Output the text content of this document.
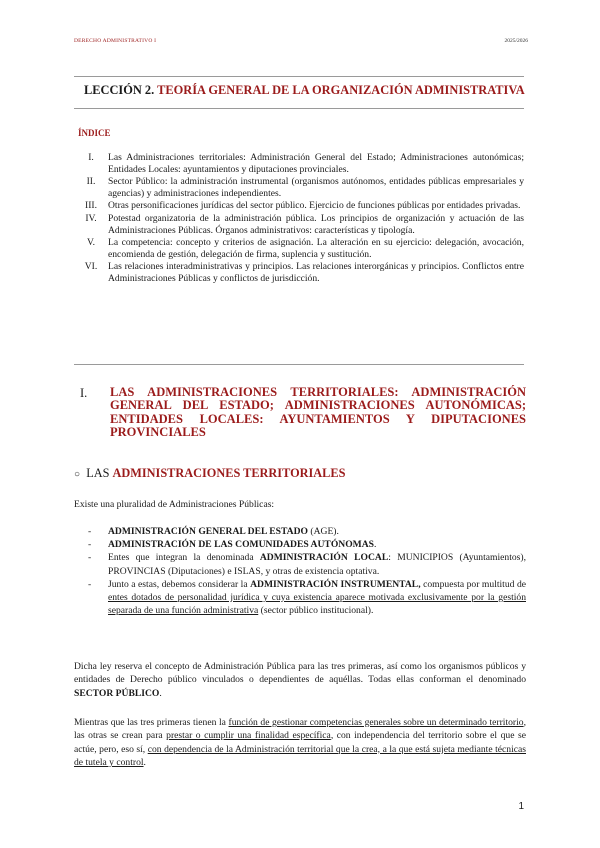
DERECHO ADMINISTRATIVO I	2025/2026
LECCIÓN 2. TEORÍA GENERAL DE LA ORGANIZACIÓN ADMINISTRATIVA
ÍNDICE
I.	Las Administraciones territoriales: Administración General del Estado; Administraciones autonómicas; Entidades Locales: ayuntamientos y diputaciones provinciales.
II.	Sector Público: la administración instrumental (organismos autónomos, entidades públicas empresariales y agencias) y administraciones independientes.
III.	Otras personificaciones jurídicas del sector público. Ejercicio de funciones públicas por entidades privadas.
IV.	Potestad organizatoria de la administración pública. Los principios de organización y actuación de las Administraciones Públicas. Órganos administrativos: características y tipología.
V.	La competencia: concepto y criterios de asignación. La alteración en su ejercicio: delegación, avocación, encomienda de gestión, delegación de firma, suplencia y sustitución.
VI.	Las relaciones interadministrativas y principios. Las relaciones interorgánicas y principios. Conflictos entre Administraciones Públicas y conflictos de jurisdicción.
I. LAS ADMINISTRACIONES TERRITORIALES: ADMINISTRACIÓN
GENERAL DEL ESTADO; ADMINISTRACIONES AUTONÓMICAS;
ENTIDADES LOCALES: AYUNTAMIENTOS Y DIPUTACIONES
PROVINCIALES
○ LAS ADMINISTRACIONES TERRITORIALES
Existe una pluralidad de Administraciones Públicas:
-	ADMINISTRACIÓN GENERAL DEL ESTADO (AGE).
-	ADMINISTRACIÓN DE LAS COMUNIDADES AUTÓNOMAS.
-	Entes que integran la denominada ADMINISTRACIÓN LOCAL: MUNICIPIOS (Ayuntamientos), PROVINCIAS (Diputaciones) e ISLAS, y otras de existencia optativa.
-	Junto a estas, debemos considerar la ADMINISTRACIÓN INSTRUMENTAL, compuesta por multitud de entes dotados de personalidad jurídica y cuya existencia aparece motivada exclusivamente por la gestión separada de una función administrativa (sector público institucional).
Dicha ley reserva el concepto de Administración Pública para las tres primeras, así como los organismos públicos y entidades de Derecho público vinculados o dependientes de aquéllas. Todas ellas conforman el denominado SECTOR PÚBLICO.
Mientras que las tres primeras tienen la función de gestionar competencias generales sobre un determinado territorio, las otras se crean para prestar o cumplir una finalidad específica, con independencia del territorio sobre el que se actúe, pero, eso sí, con dependencia de la Administración territorial que la crea, a la que está sujeta mediante técnicas de tutela y control.
1
